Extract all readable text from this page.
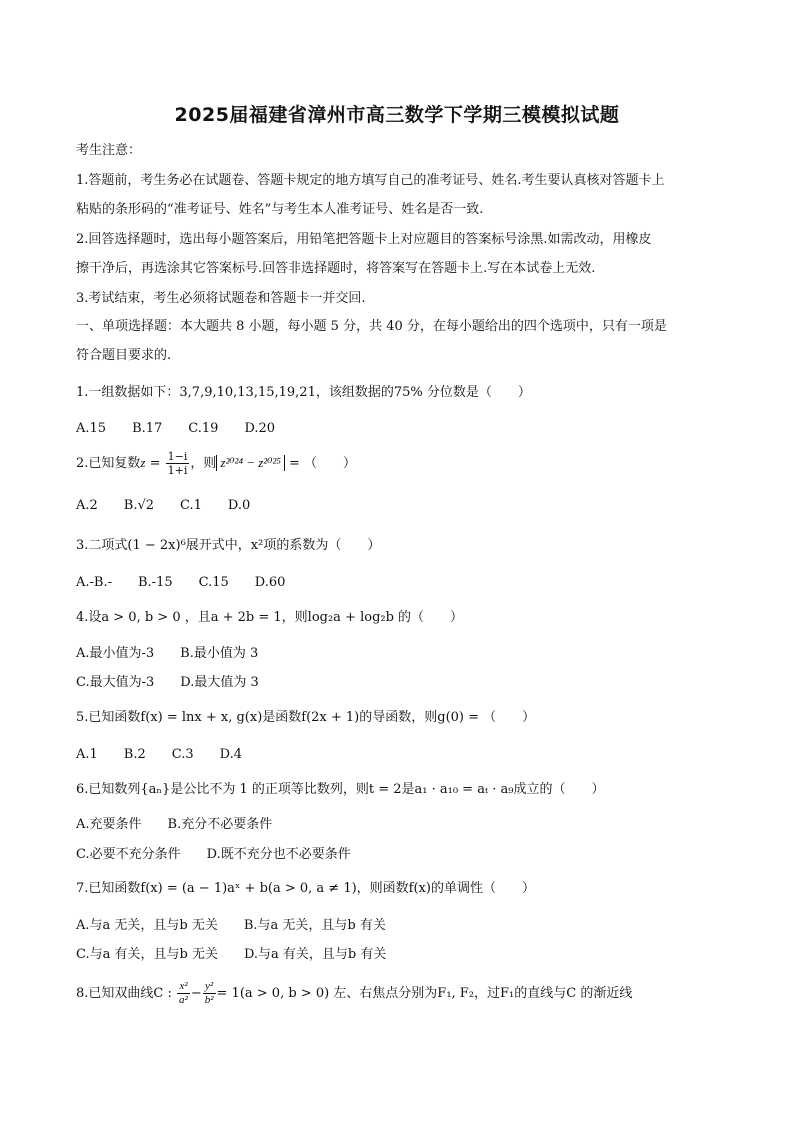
2025届福建省漳州市高三数学下学期三模模拟试题
考生注意：
1.答题前，考生务必在试题卷、答题卡规定的地方填写自己的准考证号、姓名.考生要认真核对答题卡上
粘贴的条形码的“准考证号、姓名”与考生本人准考证号、姓名是否一致.
2.回答选择题时，选出每小题答案后，用铅笔把答题卡上对应题目的答案标号涂黑.如需改动，用橡皮
擦干净后，再选涂其它答案标号.回答非选择题时，将答案写在答题卡上.写在本试卷上无效.
3.考试结束，考生必须将试题卷和答题卡一并交回.
一、单项选择题：本大题共 8 小题，每小题 5 分，共 40 分，在每小题给出的四个选项中，只有一项是
符合题目要求的.
1.一组数据如下：3,7,9,10,13,15,19,21，该组数据的75% 分位数是（　　）
A.15　　B.17　　C.19　　D.20
2.已知复数$z = \frac{1-i}{1+i}$ ，则 z²⁰²⁴ − z²⁰²⁵ = （　　）
A.2　　B.√2　　C.1　　D.0
3.二项式(1 − 2x)⁶展开式中，x²项的系数为（　　）
A.-B.-　　B.-15　　C.15　　D.60
4.设a > 0, b > 0 ，且a + 2b = 1，则log₂a + log₂b 的（　　）
A.最小值为-3　　B.最小值为 3
C.最大值为-3　　D.最大值为 3
5.已知函数f(x) = lnx + x, g(x)是函数f(2x + 1)的导函数，则g(0) = （　　）
A.1　　B.2　　C.3　　D.4
6.已知数列{aₙ}是公比不为 1 的正项等比数列，则t = 2是a₁ · a₁₀ = aₜ · a₉成立的（　　）
A.充要条件　　B.充分不必要条件
C.必要不充分条件　　D.既不充分也不必要条件
7.已知函数f(x) = (a − 1)aˣ + b(a > 0, a ≠ 1)，则函数f(x)的单调性（　　）
A.与a 无关，且与b 无关　　B.与a 无关，且与b 有关
C.与a 有关，且与b 无关　　D.与a 有关，且与b 有关
8.已知双曲线C : $\frac{\text{x²}}{\text{a²}} - \frac{\text{y²}}{\text{b²}} = 1(a > 0$, b > 0) 左、右焦点分别为F₁, F₂，过F₁的直线与C 的渐近线
